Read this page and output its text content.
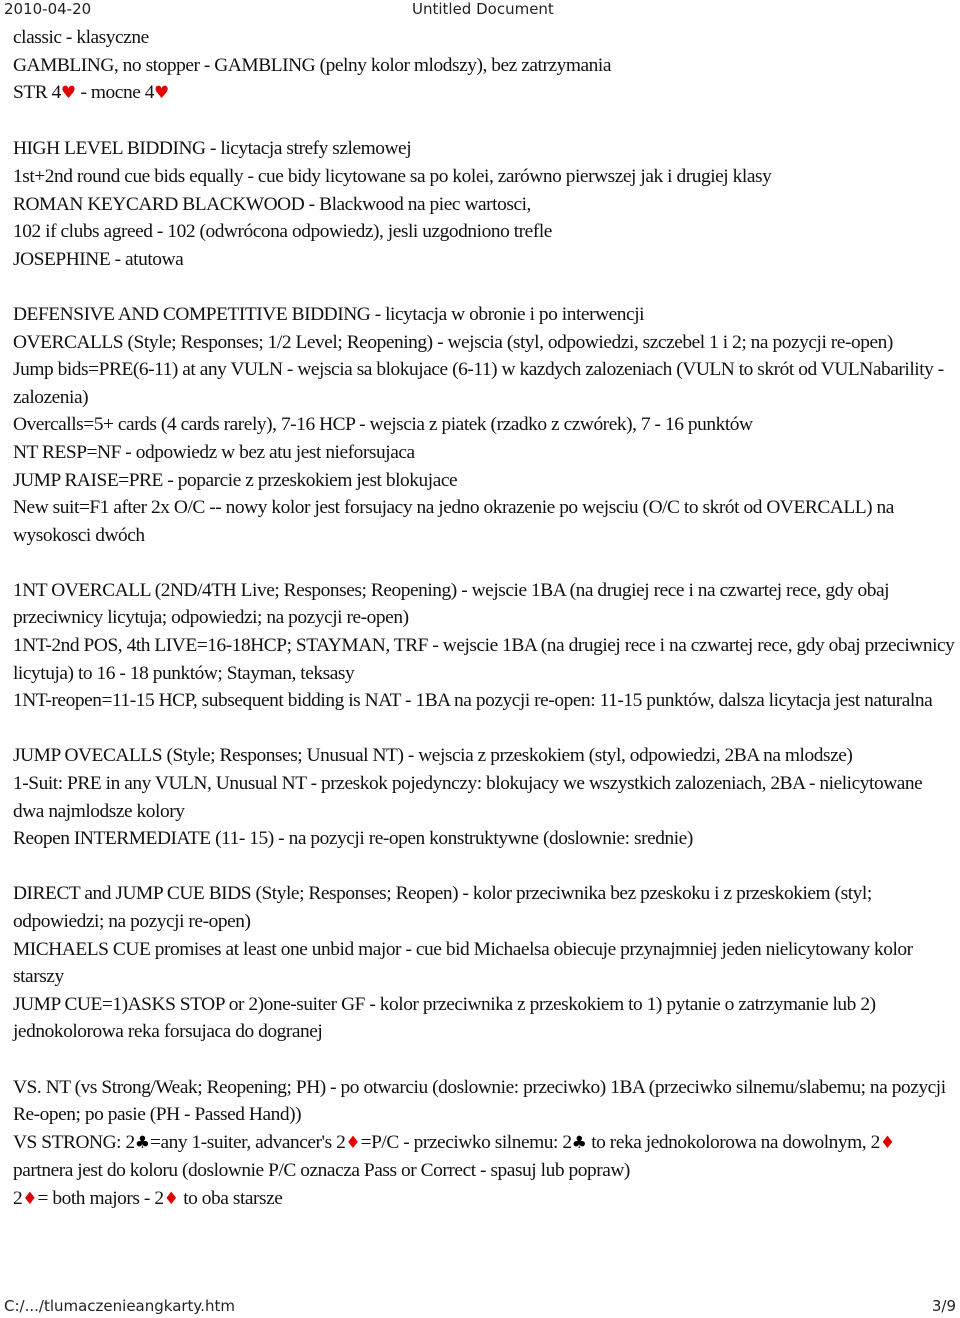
2010-04-20	Untitled Document

classic - klasyczne

GAMBLING, no stopper - GAMBLING (pelny kolor mlodszy), bez zatrzymania

STR 4♥ - mocne 4♥

HIGH LEVEL BIDDING - licytacja strefy szlemowej

1st+2nd round cue bids equally - cue bidy licytowane sa po kolei, zarówno pierwszej jak i drugiej klasy

ROMAN KEYCARD BLACKWOOD - Blackwood na piec wartosci,

102 if clubs agreed - 102 (odwrócona odpowiedz), jesli uzgodniono trefle

JOSEPHINE - atutowa

DEFENSIVE AND COMPETITIVE BIDDING - licytacja w obronie i po interwencji

OVERCALLS (Style; Responses; 1/2 Level; Reopening) - wejscia (styl, odpowiedzi, szczebel 1 i 2; na pozycji re-open)

Jump bids=PRE(6-11) at any VULN - wejscia sa blokujace (6-11) w kazdych zalozeniach (VULN to skrót od VULNabarility - zalozenia)

Overcalls=5+ cards (4 cards rarely), 7-16 HCP - wejscia z piatek (rzadko z czwórek), 7 - 16 punktów

NT RESP=NF - odpowiedz w bez atu jest nieforsujaca

JUMP RAISE=PRE - poparcie z przeskokiem jest blokujace

New suit=F1 after 2x O/C -- nowy kolor jest forsujacy na jedno okrazenie po wejsciu (O/C to skrót od OVERCALL) na wysokosci dwóch

1NT OVERCALL (2ND/4TH Live; Responses; Reopening) - wejscie 1BA (na drugiej rece i na czwartej rece, gdy obaj przeciwnicy licytuja; odpowiedzi; na pozycji re-open)

1NT-2nd POS, 4th LIVE=16-18HCP; STAYMAN, TRF - wejscie 1BA (na drugiej rece i na czwartej rece, gdy obaj przeciwnicy licytuja) to 16 - 18 punktów; Stayman, teksasy

1NT-reopen=11-15 HCP, subsequent bidding is NAT - 1BA na pozycji re-open: 11-15 punktów, dalsza licytacja jest naturalna

JUMP OVECALLS (Style; Responses; Unusual NT) - wejscia z przeskokiem (styl, odpowiedzi, 2BA na mlodsze)

1-Suit: PRE in any VULN, Unusual NT - przeskok pojedynczy: blokujacy we wszystkich zalozeniach, 2BA - nielicytowane dwa najmlodsze kolory

Reopen INTERMEDIATE (11- 15) - na pozycji re-open konstruktywne (doslownie: srednie)

DIRECT and JUMP CUE BIDS (Style; Responses; Reopen) - kolor przeciwnika bez pzeskoku i z przeskokiem (styl; odpowiedzi; na pozycji re-open)

MICHAELS CUE promises at least one unbid major - cue bid Michaelsa obiecuje przynajmniej jeden nielicytowany kolor starszy

JUMP CUE=1)ASKS STOP or 2)one-suiter GF - kolor przeciwnika z przeskokiem to 1) pytanie o zatrzymanie lub 2) jednokolorowa reka forsujaca do dogranej

VS. NT (vs Strong/Weak; Reopening; PH) - po otwarciu (doslownie: przeciwko) 1BA (przeciwko silnemu/slabemu; na pozycji Re-open; po pasie (PH - Passed Hand))

VS STRONG: 2♣=any 1-suiter, advancer's 2♦=P/C - przeciwko silnemu: 2♣ to reka jednokolorowa na dowolnym, 2♦ partnera jest do koloru (doslownie P/C oznacza Pass or Correct - spasuj lub popraw)

2♦= both majors - 2♦ to oba starsze

C:/.../tlumaczenieangkarty.htm	3/9
